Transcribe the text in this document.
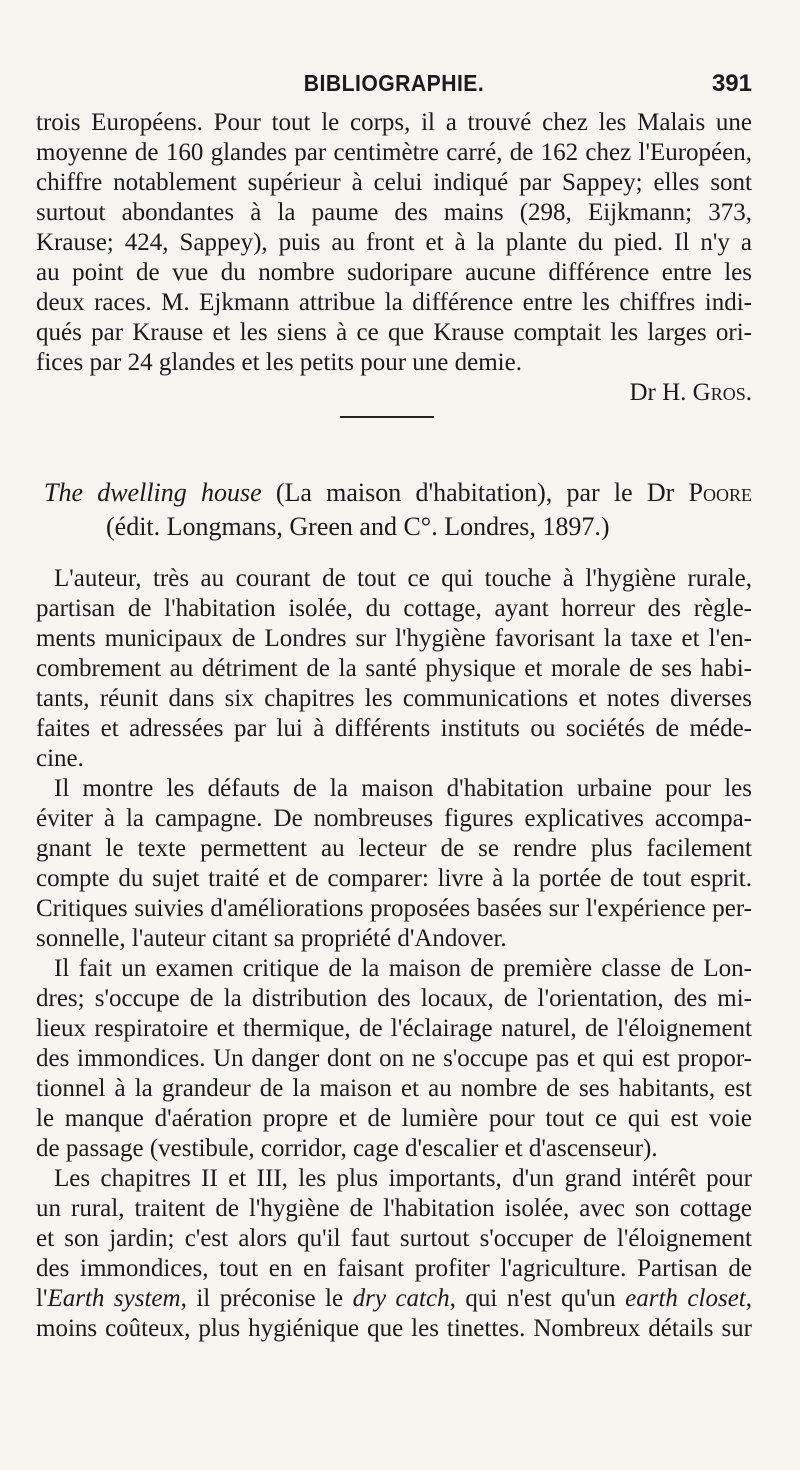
BIBLIOGRAPHIE.	391
trois Européens. Pour tout le corps, il a trouvé chez les Malais une
moyenne de 160 glandes par centimètre carré, de 162 chez l'Européen,
chiffre notablement supérieur à celui indiqué par Sappey; elles sont
surtout abondantes à la paume des mains (298, Eijkmann; 373,
Krause; 424, Sappey), puis au front et à la plante du pied. Il n'y a
au point de vue du nombre sudoripare aucune différence entre les
deux races. M. Ejkmann attribue la différence entre les chiffres indi-
qués par Krause et les siens à ce que Krause comptait les larges ori-
fices par 24 glandes et les petits pour une demie.
Dr H. Gros.
The dwelling house (La maison d'habitation), par le Dr Poore
(édit. Longmans, Green and C°. Londres, 1897.)
L'auteur, très au courant de tout ce qui touche à l'hygiène rurale,
partisan de l'habitation isolée, du cottage, ayant horreur des règle-
ments municipaux de Londres sur l'hygiène favorisant la taxe et l'en-
combrement au détriment de la santé physique et morale de ses habi-
tants, réunit dans six chapitres les communications et notes diverses
faites et adressées par lui à différents instituts ou sociétés de méde-
cine.
Il montre les défauts de la maison d'habitation urbaine pour les
éviter à la campagne. De nombreuses figures explicatives accompa-
gnant le texte permettent au lecteur de se rendre plus facilement
compte du sujet traité et de comparer: livre à la portée de tout esprit.
Critiques suivies d'améliorations proposées basées sur l'expérience per-
sonnelle, l'auteur citant sa propriété d'Andover.
Il fait un examen critique de la maison de première classe de Lon-
dres; s'occupe de la distribution des locaux, de l'orientation, des mi-
lieux respiratoire et thermique, de l'éclairage naturel, de l'éloignement
des immondices. Un danger dont on ne s'occupe pas et qui est propor-
tionnel à la grandeur de la maison et au nombre de ses habitants, est
le manque d'aération propre et de lumière pour tout ce qui est voie
de passage (vestibule, corridor, cage d'escalier et d'ascenseur).
Les chapitres II et III, les plus importants, d'un grand intérêt pour
un rural, traitent de l'hygiène de l'habitation isolée, avec son cottage
et son jardin; c'est alors qu'il faut surtout s'occuper de l'éloignement
des immondices, tout en en faisant profiter l'agriculture. Partisan de
l'Earth system, il préconise le dry catch, qui n'est qu'un earth closet,
moins coûteux, plus hygiénique que les tinettes. Nombreux détails sur
